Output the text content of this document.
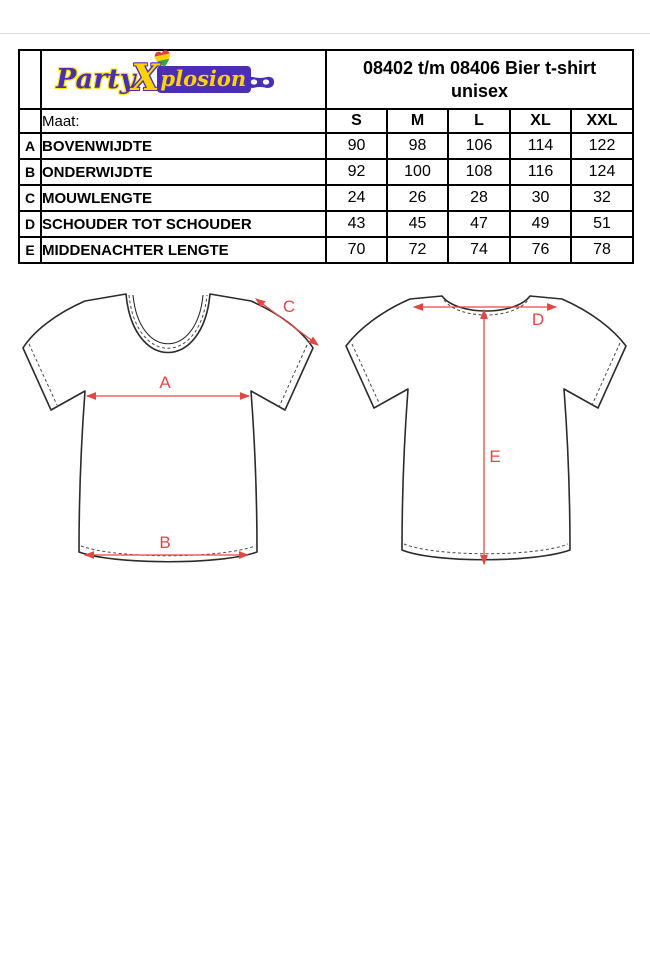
Party
X plosion	08402 t/m 08406 Bier t-shirt
unisex

	Maat:	S	M	L	XL	XXL
A	BOVENWIJDTE	90	98	106	114	122
B	ONDERWIJDTE	92	100	108	116	124
C	MOUWLENGTE	24	26	28	30	32
D	SCHOUDER TOT SCHOUDER	43	45	47	49	51
E	MIDDENACHTER LENGTE	70	72	74	76	78
A
B
C
D
E
